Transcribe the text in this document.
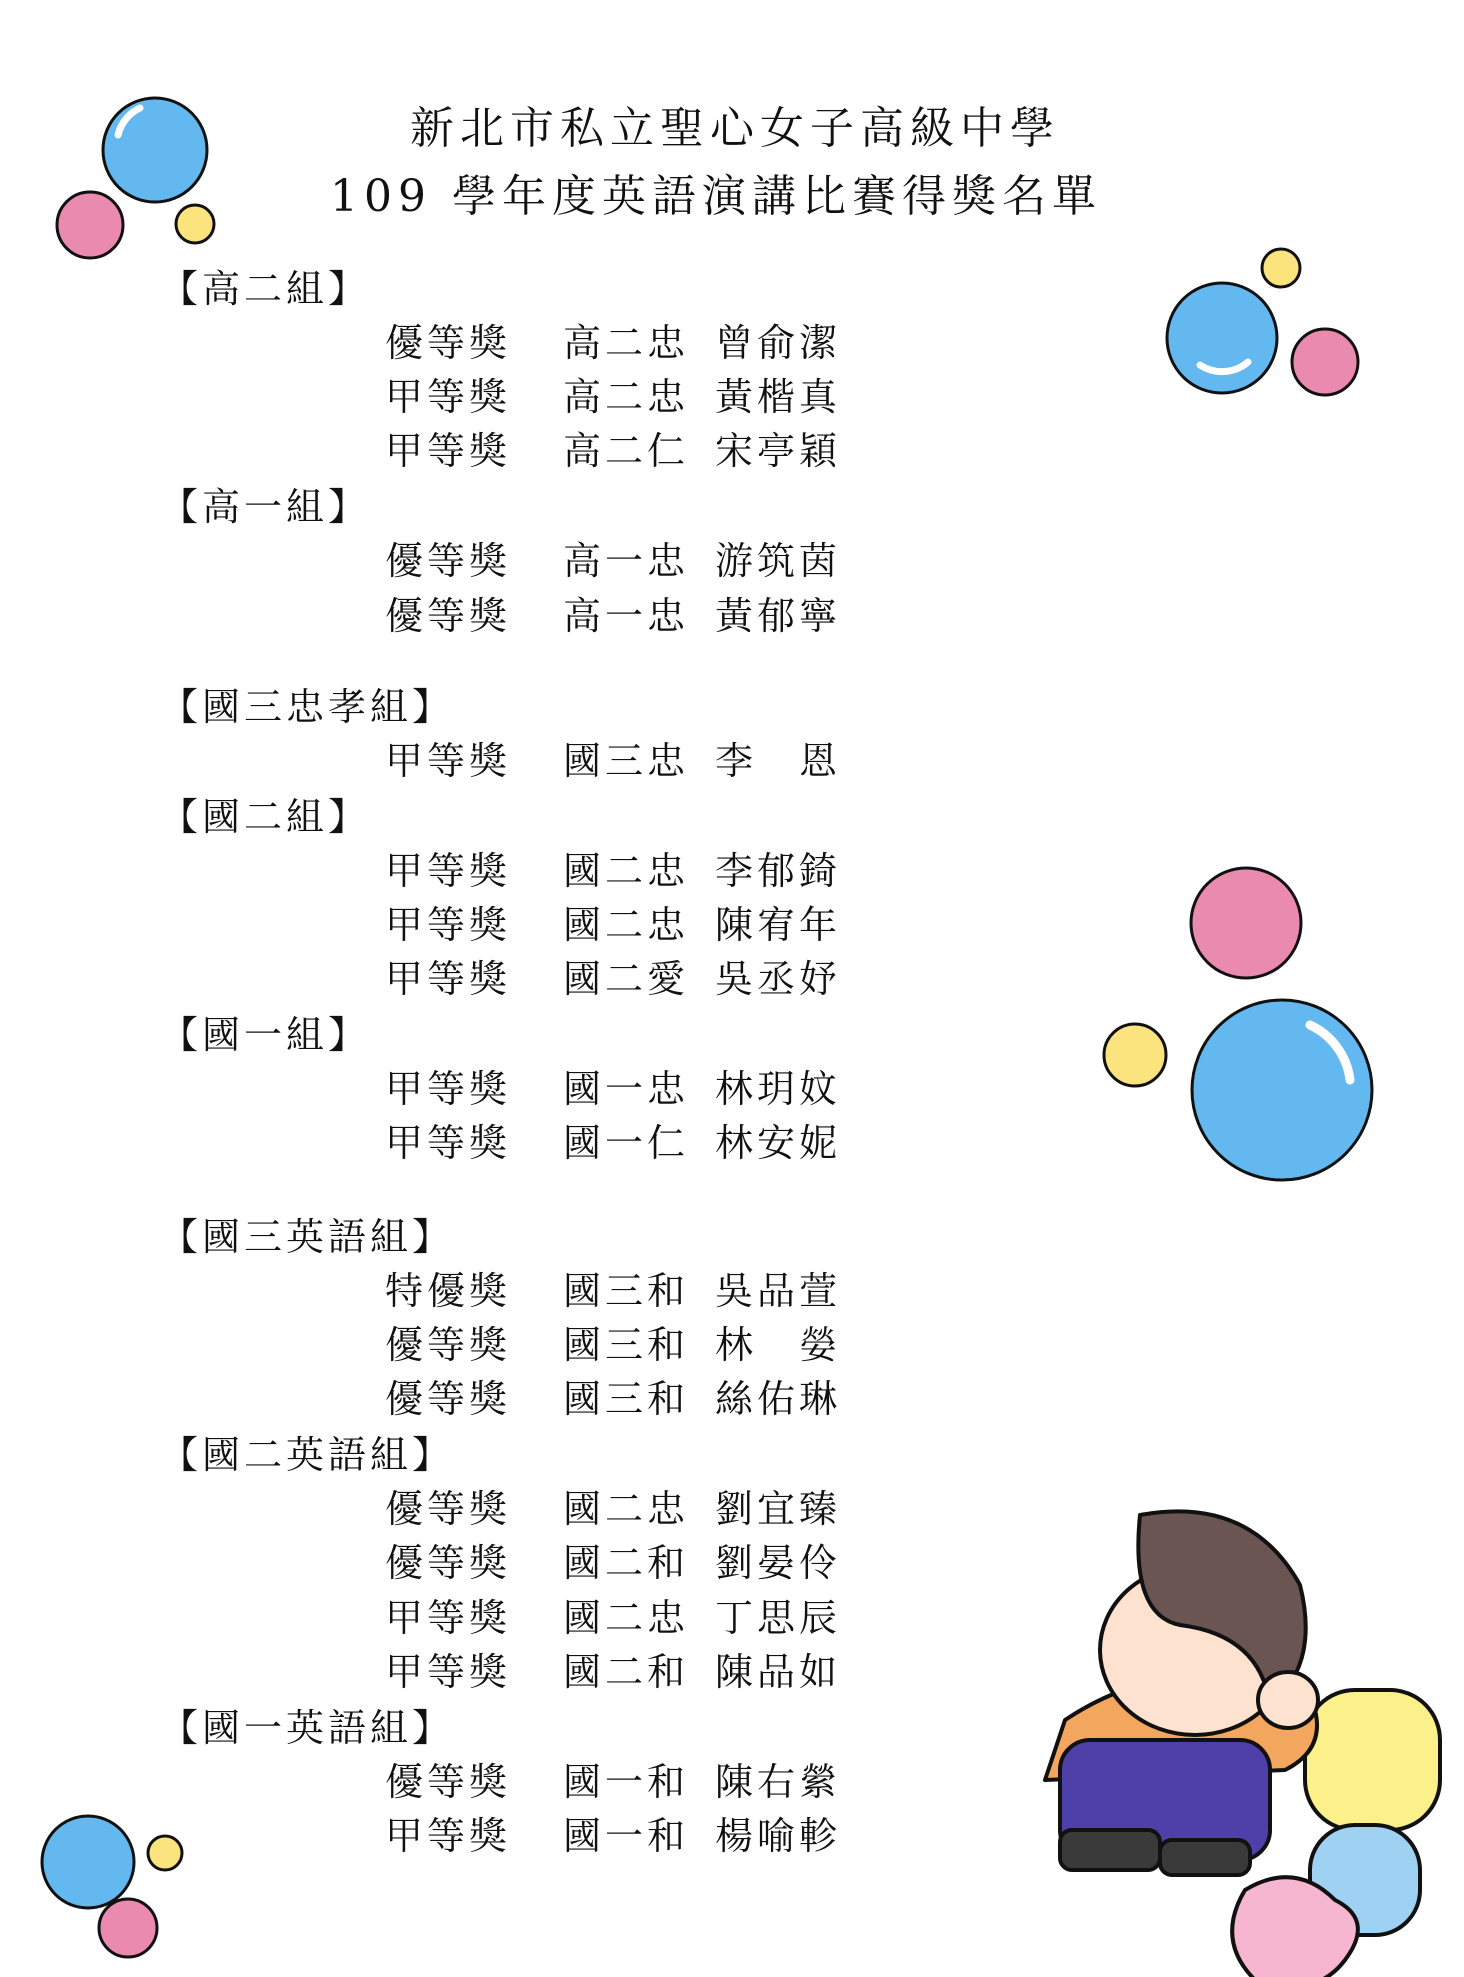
新北市私立聖心女子高級中學
109 學年度英語演講比賽得獎名單
【高二組】
優等獎 高二忠 曾俞潔
甲等獎 高二忠 黃楷真
甲等獎 高二仁 宋亭穎
【高一組】
優等獎 高一忠 游筑茵
優等獎 高一忠 黃郁寧
【國三忠孝組】
甲等獎 國三忠 李　恩
【國二組】
甲等獎 國二忠 李郁錡
甲等獎 國二忠 陳宥年
甲等獎 國二愛 吳丞妤
【國一組】
甲等獎 國一忠 林玥妏
甲等獎 國一仁 林安妮
【國三英語組】
特優獎 國三和 吳品萱
優等獎 國三和 林　嫈
優等獎 國三和 絲佑琳
【國二英語組】
優等獎 國二忠 劉宜臻
優等獎 國二和 劉晏伶
甲等獎 國二忠 丁思辰
甲等獎 國二和 陳品如
【國一英語組】
優等獎 國一和 陳右縈
甲等獎 國一和 楊喻軫
